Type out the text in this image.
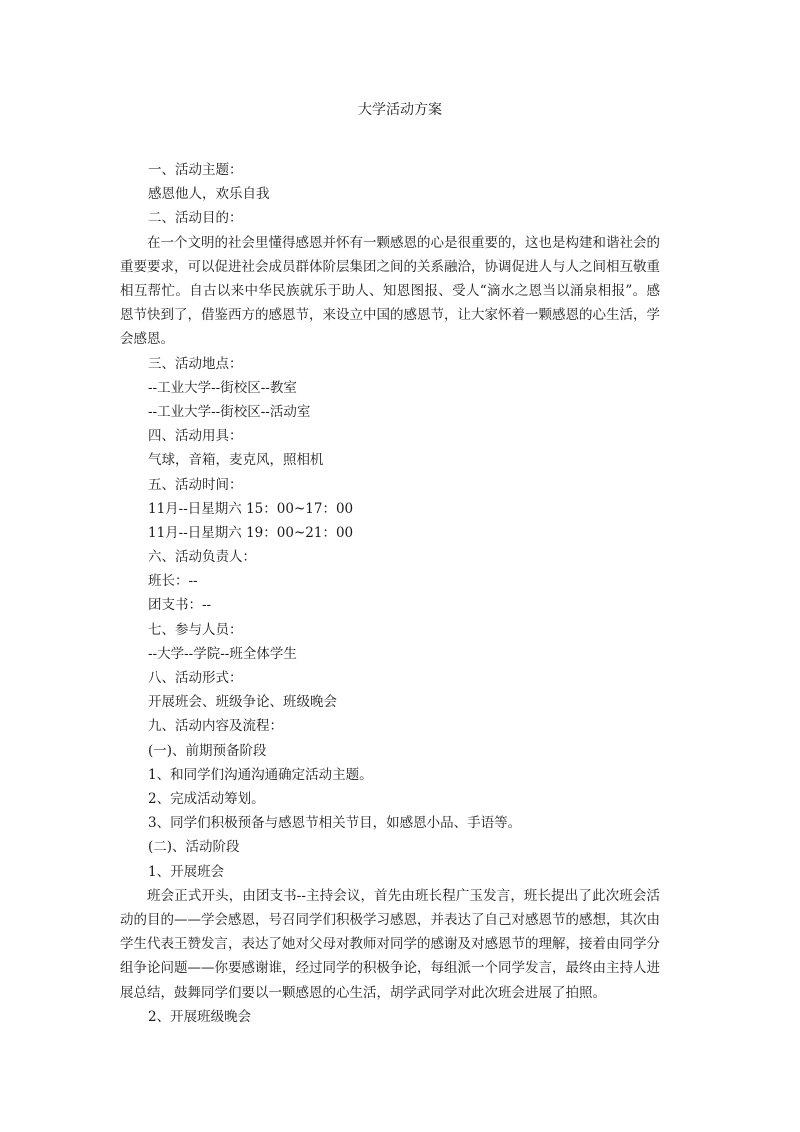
大学活动方案
一、活动主题：
感恩他人，欢乐自我
二、活动目的：
在一个文明的社会里懂得感恩并怀有一颗感恩的心是很重要的，这也是构建和谐社会的重要要求，可以促进社会成员群体阶层集团之间的关系融洽，协调促进人与人之间相互敬重相互帮忙。自古以来中华民族就乐于助人、知恩图报、受人“滴水之恩当以涌泉相报”。感恩节快到了，借鉴西方的感恩节，来设立中国的感恩节，让大家怀着一颗感恩的心生活，学会感恩。
三、活动地点：
--工业大学--街校区--教室
--工业大学--街校区--活动室
四、活动用具：
气球，音箱，麦克风，照相机
五、活动时间：
11月--日星期六 15：00~17：00
11月--日星期六 19：00~21：00
六、活动负责人：
班长：--
团支书：--
七、参与人员：
--大学--学院--班全体学生
八、活动形式：
开展班会、班级争论、班级晚会
九、活动内容及流程：
(一)、前期预备阶段
1、和同学们沟通沟通确定活动主题。
2、完成活动筹划。
3、同学们积极预备与感恩节相关节目，如感恩小品、手语等。
(二)、活动阶段
1、开展班会
班会正式开头，由团支书--主持会议，首先由班长程广玉发言，班长提出了此次班会活动的目的——学会感恩，号召同学们积极学习感恩，并表达了自己对感恩节的感想，其次由学生代表王赞发言，表达了她对父母对教师对同学的感谢及对感恩节的理解，接着由同学分组争论问题——你要感谢谁，经过同学的积极争论，每组派一个同学发言，最终由主持人进展总结，鼓舞同学们要以一颗感恩的心生活，胡学武同学对此次班会进展了拍照。
2、开展班级晚会
